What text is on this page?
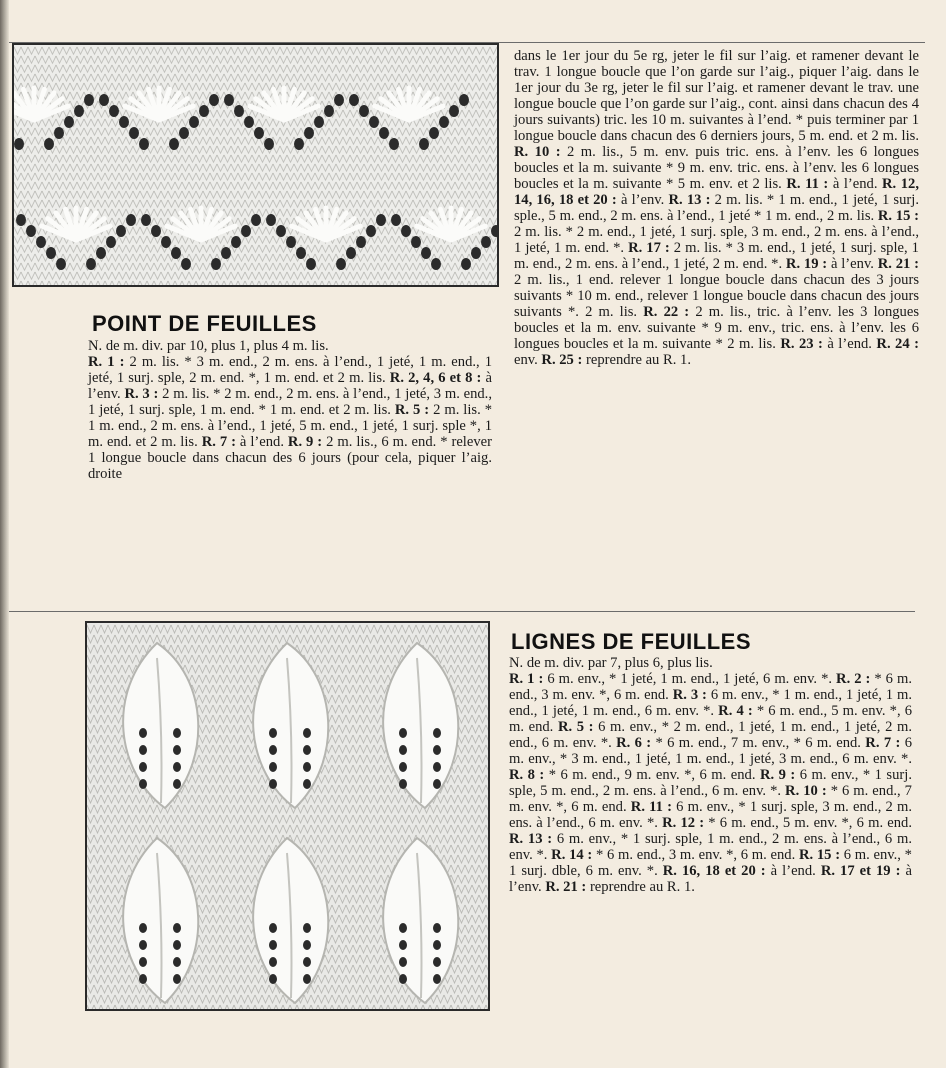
POINT DE FEUILLES

N. de m. div. par 10, plus 1, plus 4 m. lis.

R. 1 : 2 m. lis. * 3 m. end., 2 m. ens. à l’end., 1 jeté, 1 m. end., 1 jeté, 1 surj. sple, 2 m. end. *, 1 m. end. et 2 m. lis. R. 2, 4, 6 et 8 : à l’env. R. 3 : 2 m. lis. * 2 m. end., 2 m. ens. à l’end., 1 jeté, 3 m. end., 1 jeté, 1 surj. sple, 1 m. end. * 1 m. end. et 2 m. lis. R. 5 : 2 m. lis. * 1 m. end., 2 m. ens. à l’end., 1 jeté, 5 m. end., 1 jeté, 1 surj. sple *, 1 m. end. et 2 m. lis. R. 7 : à l’end. R. 9 : 2 m. lis., 6 m. end. * relever 1 longue boucle dans chacun des 6 jours (pour cela, piquer l’aig. droite

dans le 1er jour du 5e rg, jeter le fil sur l’aig. et ramener devant le trav. 1 longue boucle que l’on garde sur l’aig., piquer l’aig. dans le 1er jour du 3e rg, jeter le fil sur l’aig. et ramener devant le trav. une longue boucle que l’on garde sur l’aig., cont. ainsi dans chacun des 4 jours suivants) tric. les 10 m. suivantes à l’end. * puis terminer par 1 longue boucle dans chacun des 6 derniers jours, 5 m. end. et 2 m. lis. R. 10 : 2 m. lis., 5 m. env. puis tric. ens. à l’env. les 6 longues boucles et la m. suivante * 9 m. env. tric. ens. à l’env. les 6 longues boucles et la m. suivante * 5 m. env. et 2 lis. R. 11 : à l’end. R. 12, 14, 16, 18 et 20 : à l’env. R. 13 : 2 m. lis. * 1 m. end., 1 jeté, 1 surj. sple., 5 m. end., 2 m. ens. à l’end., 1 jeté * 1 m. end., 2 m. lis. R. 15 : 2 m. lis. * 2 m. end., 1 jeté, 1 surj. sple, 3 m. end., 2 m. ens. à l’end., 1 jeté, 1 m. end. *. R. 17 : 2 m. lis. * 3 m. end., 1 jeté, 1 surj. sple, 1 m. end., 2 m. ens. à l’end., 1 jeté, 2 m. end. *. R. 19 : à l’env. R. 21 : 2 m. lis., 1 end. relever 1 longue boucle dans chacun des 3 jours suivants * 10 m. end., relever 1 longue boucle dans chacun des jours suivants *. 2 m. lis. R. 22 : 2 m. lis., tric. à l’env. les 3 longues boucles et la m. env. suivante * 9 m. env., tric. ens. à l’env. les 6 longues boucles et la m. suivante * 2 m. lis. R. 23 : à l’end. R. 24 : env. R. 25 : reprendre au R. 1.

LIGNES DE FEUILLES

N. de m. div. par 7, plus 6, plus lis.

R. 1 : 6 m. env., * 1 jeté, 1 m. end., 1 jeté, 6 m. env. *. R. 2 : * 6 m. end., 3 m. env. *, 6 m. end. R. 3 : 6 m. env., * 1 m. end., 1 jeté, 1 m. end., 1 jeté, 1 m. end., 6 m. env. *. R. 4 : * 6 m. end., 5 m. env. *, 6 m. end. R. 5 : 6 m. env., * 2 m. end., 1 jeté, 1 m. end., 1 jeté, 2 m. end., 6 m. env. *. R. 6 : * 6 m. end., 7 m. env., * 6 m. end. R. 7 : 6 m. env., * 3 m. end., 1 jeté, 1 m. end., 1 jeté, 3 m. end., 6 m. env. *. R. 8 : * 6 m. end., 9 m. env. *, 6 m. end. R. 9 : 6 m. env., * 1 surj. sple, 5 m. end., 2 m. ens. à l’end., 6 m. env. *. R. 10 : * 6 m. end., 7 m. env. *, 6 m. end. R. 11 : 6 m. env., * 1 surj. sple, 3 m. end., 2 m. ens. à l’end., 6 m. env. *. R. 12 : * 6 m. end., 5 m. env. *, 6 m. end. R. 13 : 6 m. env., * 1 surj. sple, 1 m. end., 2 m. ens. à l’end., 6 m. env. *. R. 14 : * 6 m. end., 3 m. env. *, 6 m. end. R. 15 : 6 m. env., * 1 surj. dble, 6 m. env. *. R. 16, 18 et 20 : à l’end. R. 17 et 19 : à l’env. R. 21 : reprendre au R. 1.
